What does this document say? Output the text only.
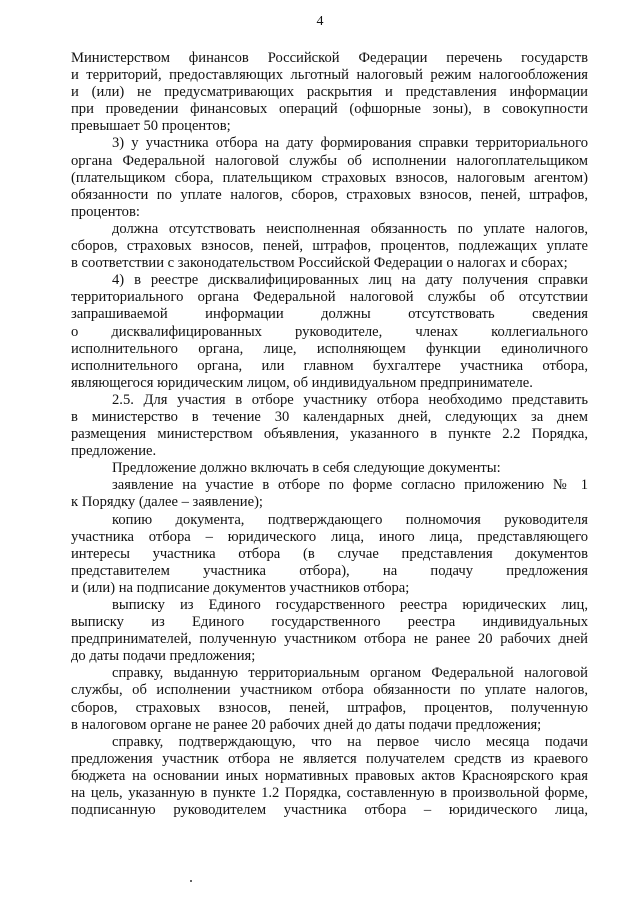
4
Министерством финансов Российской Федерации перечень государств
и территорий, предоставляющих льготный налоговый режим налогообложения
и (или) не предусматривающих раскрытия и представления информации
при проведении финансовых операций (офшорные зоны), в совокупности
превышает 50 процентов;
3) у участника отбора на дату формирования справки территориального
органа Федеральной налоговой службы об исполнении налогоплательщиком
(плательщиком сбора, плательщиком страховых взносов, налоговым агентом)
обязанности по уплате налогов, сборов, страховых взносов, пеней, штрафов,
процентов:
должна отсутствовать неисполненная обязанность по уплате налогов,
сборов, страховых взносов, пеней, штрафов, процентов, подлежащих уплате
в соответствии с законодательством Российской Федерации о налогах и сборах;
4) в реестре дисквалифицированных лиц на дату получения справки
территориального органа Федеральной налоговой службы об отсутствии
запрашиваемой информации должны отсутствовать сведения
о дисквалифицированных руководителе, членах коллегиального
исполнительного органа, лице, исполняющем функции единоличного
исполнительного органа, или главном бухгалтере участника отбора,
являющегося юридическим лицом, об индивидуальном предпринимателе.
2.5. Для участия в отборе участнику отбора необходимо представить
в министерство в течение 30 календарных дней, следующих за днем
размещения министерством объявления, указанного в пункте 2.2 Порядка,
предложение.
Предложение должно включать в себя следующие документы:
заявление на участие в отборе по форме согласно приложению № 1
к Порядку (далее – заявление);
копию документа, подтверждающего полномочия руководителя
участника отбора – юридического лица, иного лица, представляющего
интересы участника отбора (в случае представления документов
представителем участника отбора), на подачу предложения
и (или) на подписание документов участников отбора;
выписку из Единого государственного реестра юридических лиц,
выписку из Единого государственного реестра индивидуальных
предпринимателей, полученную участником отбора не ранее 20 рабочих дней
до даты подачи предложения;
справку, выданную территориальным органом Федеральной налоговой
службы, об исполнении участником отбора обязанности по уплате налогов,
сборов, страховых взносов, пеней, штрафов, процентов, полученную
в налоговом органе не ранее 20 рабочих дней до даты подачи предложения;
справку, подтверждающую, что на первое число месяца подачи
предложения участник отбора не является получателем средств из краевого
бюджета на основании иных нормативных правовых актов Красноярского края
на цель, указанную в пункте 1.2 Порядка, составленную в произвольной форме,
подписанную руководителем участника отбора – юридического лица,
